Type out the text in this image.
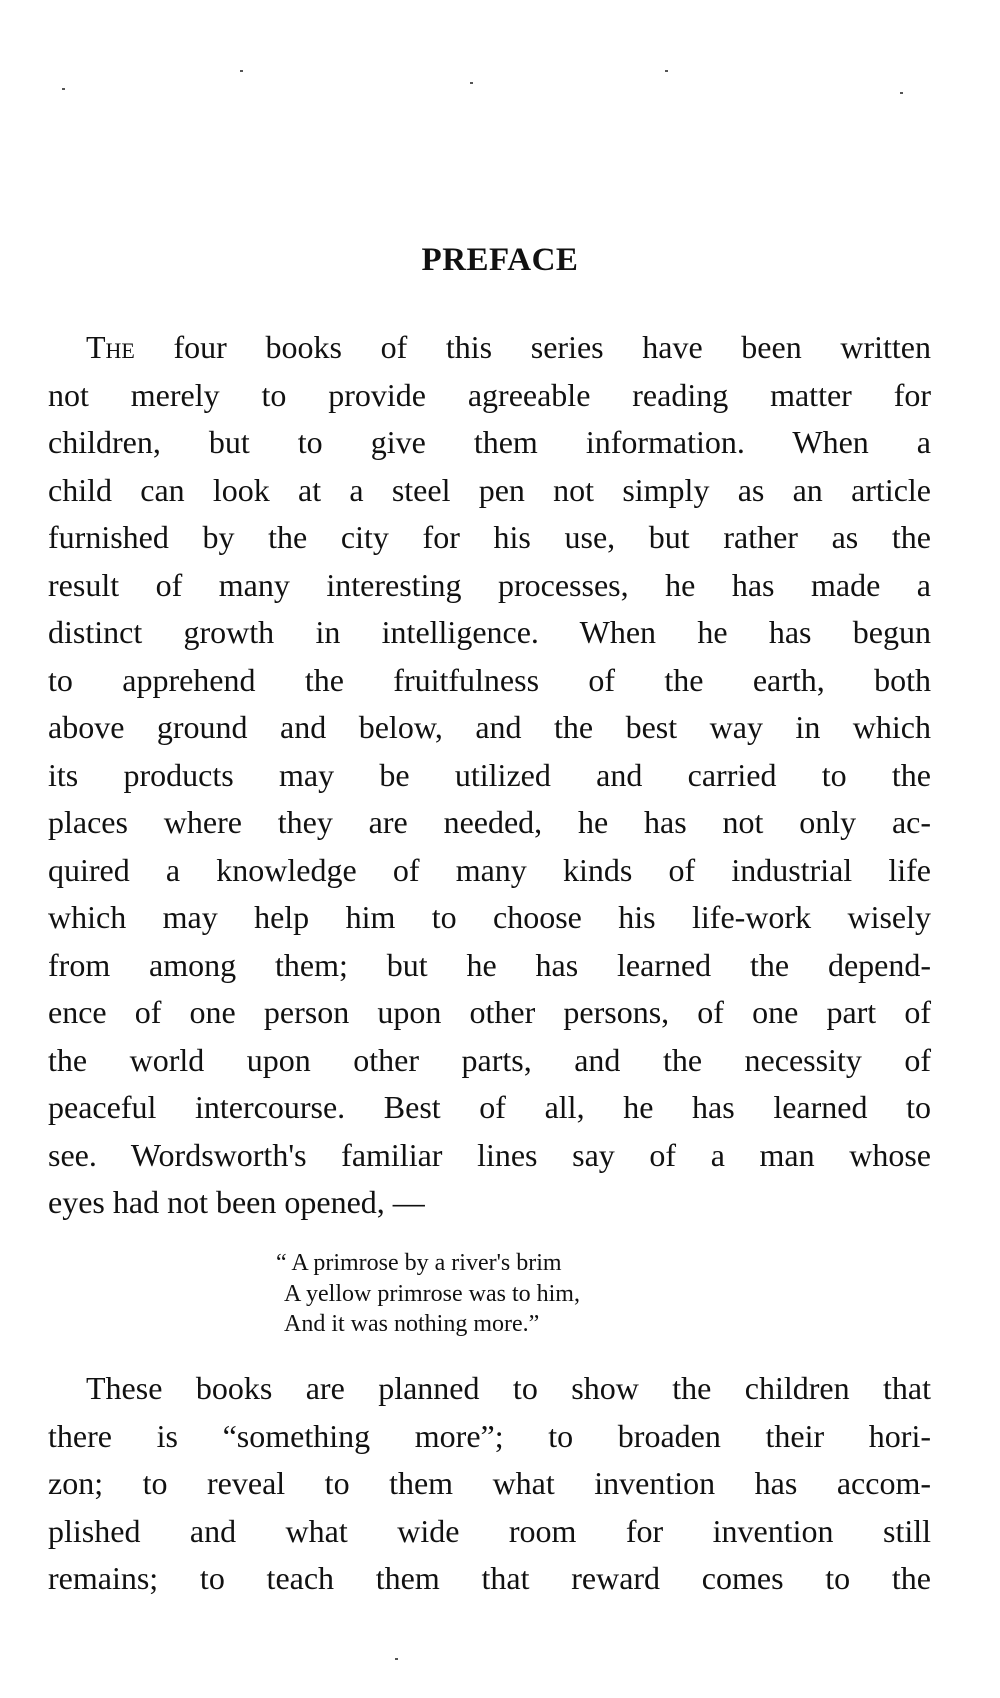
PREFACE
The four books of this series have been written
not merely to provide agreeable reading matter for
children, but to give them information. When a
child can look at a steel pen not simply as an article
furnished by the city for his use, but rather as the
result of many interesting processes, he has made a
distinct growth in intelligence. When he has begun
to apprehend the fruitfulness of the earth, both
above ground and below, and the best way in which
its products may be utilized and carried to the
places where they are needed, he has not only ac-
quired a knowledge of many kinds of industrial life
which may help him to choose his life-work wisely
from among them; but he has learned the depend-
ence of one person upon other persons, of one part of
the world upon other parts, and the necessity of
peaceful intercourse. Best of all, he has learned to
see. Wordsworth's familiar lines say of a man whose
eyes had not been opened, —
“ A primrose by a river's brim
A yellow primrose was to him,
And it was nothing more.”
These books are planned to show the children that
there is “something more”; to broaden their hori-
zon; to reveal to them what invention has accom-
plished and what wide room for invention still
remains; to teach them that reward comes to the
